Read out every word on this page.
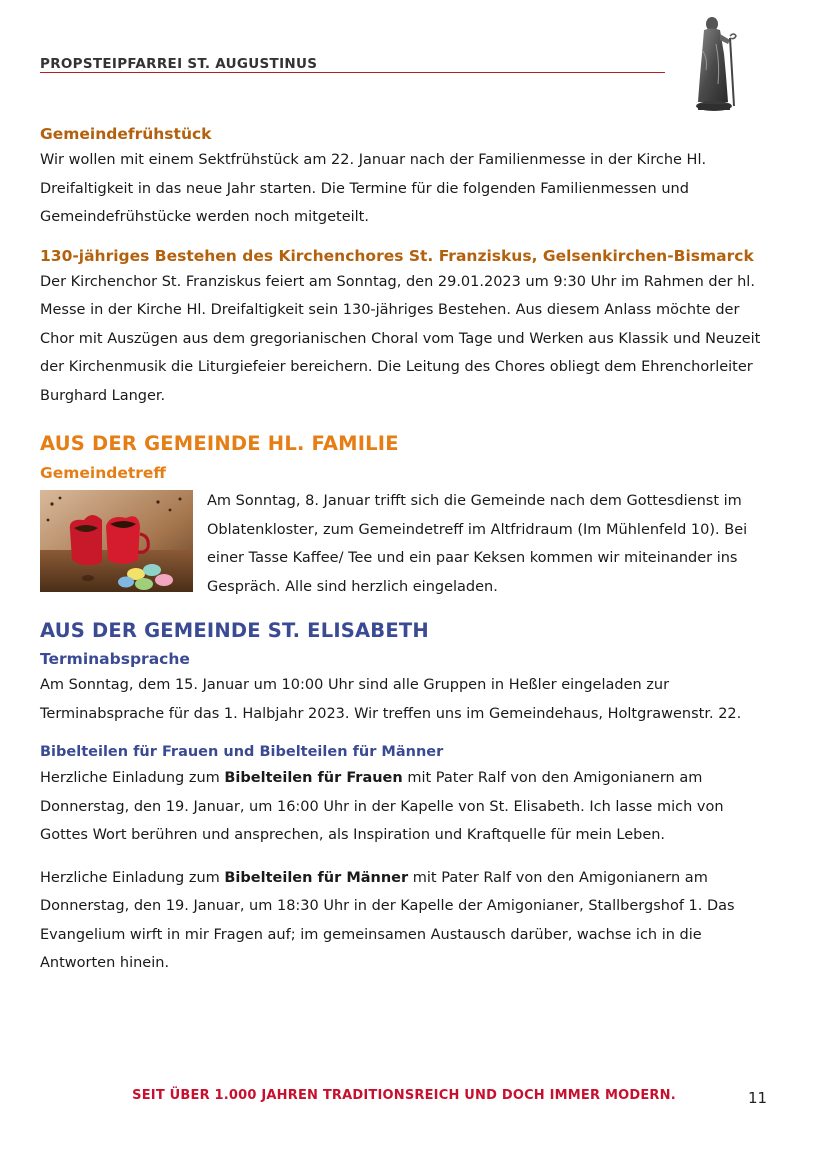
PROPSTEIPFARREI ST. AUGUSTINUS
Gemeindefrühstück

Wir wollen mit einem Sektfrühstück am 22. Januar nach der Familienmesse in der Kirche Hl. Dreifaltigkeit in das neue Jahr starten. Die Termine für die folgenden Familienmessen und Gemeindefrühstücke werden noch mitgeteilt.

130-jähriges Bestehen des Kirchenchores St. Franziskus, Gelsenkirchen-Bismarck

Der Kirchenchor St. Franziskus feiert am Sonntag, den 29.01.2023 um 9:30 Uhr im Rahmen der hl. Messe in der Kirche Hl. Dreifaltigkeit sein 130-jähriges Bestehen. Aus diesem Anlass möchte der Chor mit Auszügen aus dem gregorianischen Choral vom Tage und Werken aus Klassik und Neuzeit der Kirchenmusik die Liturgiefeier bereichern. Die Leitung des Chores obliegt dem Ehrenchorleiter Burghard Langer.

AUS DER GEMEINDE HL. FAMILIE
Gemeindetreff

Am Sonntag, 8. Januar trifft sich die Gemeinde nach dem Gottesdienst im Oblatenkloster, zum Gemeindetreff im Altfridraum (Im Mühlenfeld 10). Bei einer Tasse Kaffee/ Tee und ein paar Keksen kommen wir miteinander ins Gespräch. Alle sind herzlich eingeladen.

AUS DER GEMEINDE ST. ELISABETH
Terminabsprache

Am Sonntag, dem 15. Januar um 10:00 Uhr sind alle Gruppen in Heßler eingeladen zur Terminabsprache für das 1. Halbjahr 2023. Wir treffen uns im Gemeindehaus, Holtgrawenstr. 22.

Bibelteilen für Frauen und Bibelteilen für Männer

Herzliche Einladung zum Bibelteilen für Frauen mit Pater Ralf von den Amigonianern am Donnerstag, den 19. Januar, um 16:00 Uhr in der Kapelle von St. Elisabeth. Ich lasse mich von Gottes Wort berühren und ansprechen, als Inspiration und Kraftquelle für mein Leben.

Herzliche Einladung zum Bibelteilen für Männer mit Pater Ralf von den Amigonianern am Donnerstag, den 19. Januar, um 18:30 Uhr in der Kapelle der Amigonianer, Stallbergshof 1. Das Evangelium wirft in mir Fragen auf; im gemeinsamen Austausch darüber, wachse ich in die Antworten hinein.

SEIT ÜBER 1.000 JAHREN TRADITIONSREICH UND DOCH IMMER MODERN.	11
